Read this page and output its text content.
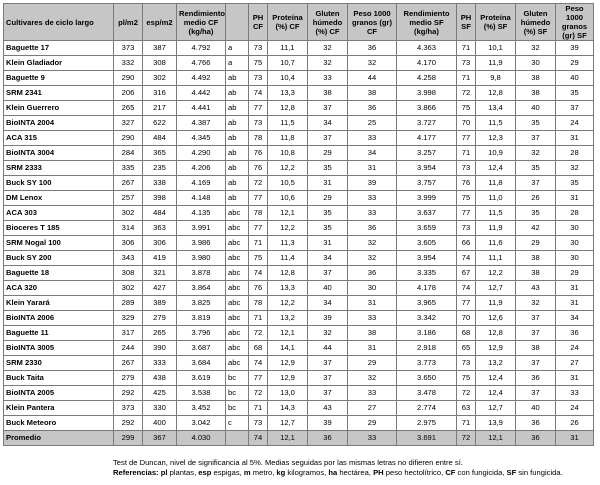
Cultivares de ciclo largo	pl/m2	esp/m2	Rendimiento medio CF (kg/ha)		PH CF	Proteína (%) CF	Gluten húmedo (%) CF	Peso 1000 granos (gr) CF	Rendimiento medio SF (kg/ha)	PH SF	Proteína (%) SF	Gluten húmedo (%) SF	Peso 1000 granos (gr) SF
Baguette 17	373	387	4.792	a	73	11,1	32	36	4.363	71	10,1	32	39
Klein Gladiador	332	308	4.766	a	75	10,7	32	32	4.170	73	11,9	30	29
Baguette 9	290	302	4.492	ab	73	10,4	33	44	4.258	71	9,8	38	40
SRM 2341	206	316	4.442	ab	74	13,3	38	38	3.998	72	12,8	38	35
Klein Guerrero	265	217	4.441	ab	77	12,8	37	36	3.866	75	13,4	40	37
BioINTA 2004	327	622	4.387	ab	73	11,5	34	25	3.727	70	11,5	35	24
ACA 315	290	484	4.345	ab	78	11,8	37	33	4.177	77	12,3	37	31
BioINTA 3004	284	365	4.290	ab	76	10,8	29	34	3.257	71	10,9	32	28
SRM 2333	335	235	4.206	ab	76	12,2	35	31	3.954	73	12,4	35	32
Buck SY 100	267	338	4.169	ab	72	10,5	31	39	3.757	76	11,8	37	35
DM Lenox	257	398	4.148	ab	77	10,6	29	33	3.999	75	11,0	26	31
ACA 303	302	484	4.135	abc	78	12,1	35	33	3.637	77	11,5	35	28
Bioceres T 185	314	363	3.991	abc	77	12,2	35	36	3.659	73	11,9	42	30
SRM Nogal 100	306	306	3.986	abc	71	11,3	31	32	3.605	66	11,6	29	30
Buck SY 200	343	419	3.980	abc	75	11,4	34	32	3.954	74	11,1	38	30
Baguette 18	308	321	3.878	abc	74	12,8	37	36	3.335	67	12,2	38	29
ACA 320	302	427	3.864	abc	76	13,3	40	30	4.178	74	12,7	43	31
Klein Yarará	289	389	3.825	abc	78	12,2	34	31	3.965	77	11,9	32	31
BioINTA 2006	329	279	3.819	abc	71	13,2	39	33	3.342	70	12,6	37	34
Baguette 11	317	265	3.796	abc	72	12,1	32	38	3.186	68	12,8	37	36
BioINTA 3005	244	390	3.687	abc	68	14,1	44	31	2.918	65	12,9	38	24
SRM 2330	267	333	3.684	abc	74	12,9	37	29	3.773	73	13,2	37	27
Buck Taita	279	438	3.619	bc	77	12,9	37	32	3.650	75	12,4	36	31
BioINTA 2005	292	425	3.538	bc	72	13,0	37	33	3.478	72	12,4	37	33
Klein Pantera	373	330	3.452	bc	71	14,3	43	27	2.774	63	12,7	40	24
Buck Meteoro	292	400	3.042	c	73	12,7	39	29	2.975	71	13,9	36	26
Promedio	299	367	4.030		74	12,1	36	33	3.691	72	12,1	36	31
Test de Duncan, nivel de significancia al 5%. Medias seguidas por las mismas letras no difieren entre sí.
Referencias: pl plantas, esp espigas, m metro, kg kilogramos, ha hectárea, PH peso hectolítrico, CF con fungicida, SF sin fungicida.
